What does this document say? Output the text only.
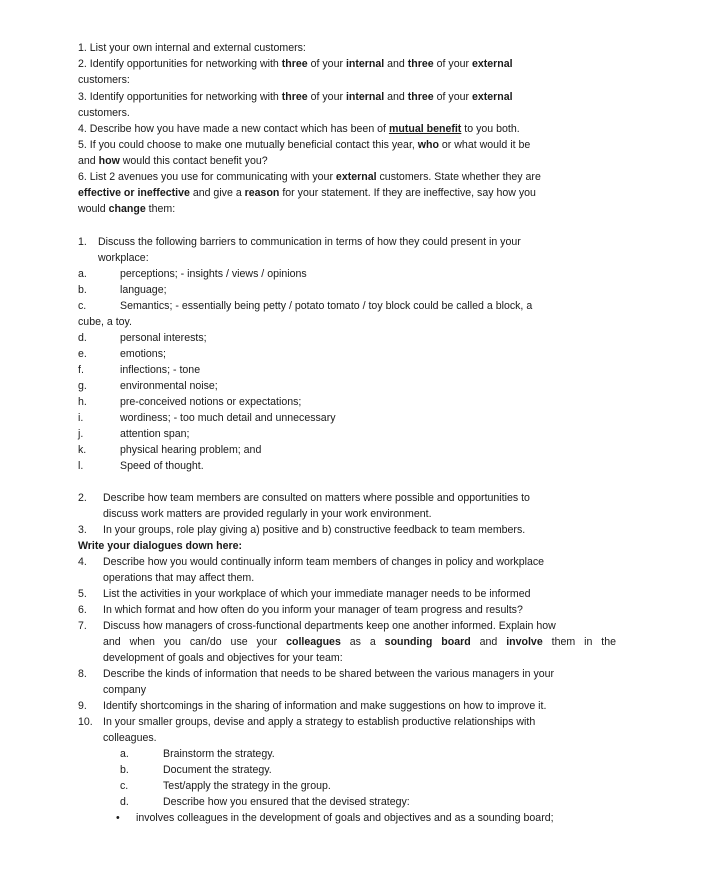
1. List your own internal and external customers:
2. Identify opportunities for networking with three of your internal and three of your external
customers:
3. Identify opportunities for networking with three of your internal and three of your external
customers.
4. Describe how you have made a new contact which has been of mutual benefit to you both.
5. If you could choose to make one mutually beneficial contact this year, who or what would it be
and how would this contact benefit you?
6. List 2 avenues you use for communicating with your external customers. State whether they are
effective or ineffective and give a reason for your statement. If they are ineffective, say how you
would change them:
1. Discuss the following barriers to communication in terms of how they could present in your
workplace:
a.	perceptions; - insights / views / opinions
b.	language;
c.	Semantics; - essentially being petty / potato tomato / toy block could be called a block, a
cube, a toy.
d.	personal interests;
e.	emotions;
f.	inflections; - tone
g.	environmental noise;
h.	pre-conceived notions or expectations;
i.	wordiness; - too much detail and unnecessary
j.	attention span;
k.	physical hearing problem; and
l.	Speed of thought.
2. Describe how team members are consulted on matters where possible and opportunities to
discuss work matters are provided regularly in your work environment.
3. In your groups, role play giving a) positive and b) constructive feedback to team members.
Write your dialogues down here:
4. Describe how you would continually inform team members of changes in policy and workplace
operations that may affect them.
5. List the activities in your workplace of which your immediate manager needs to be informed
6. In which format and how often do you inform your manager of team progress and results?
7. Discuss how managers of cross-functional departments keep one another informed. Explain how
and when you can/do use your colleagues as a sounding board and involve them in the
development of goals and objectives for your team:
8. Describe the kinds of information that needs to be shared between the various managers in your
company
9. Identify shortcomings in the sharing of information and make suggestions on how to improve it.
10. In your smaller groups, devise and apply a strategy to establish productive relationships with
colleagues.
a.	Brainstorm the strategy.
b.	Document the strategy.
c.	Test/apply the strategy in the group.
d.	Describe how you ensured that the devised strategy:
• involves colleagues in the development of goals and objectives and as a sounding board;
